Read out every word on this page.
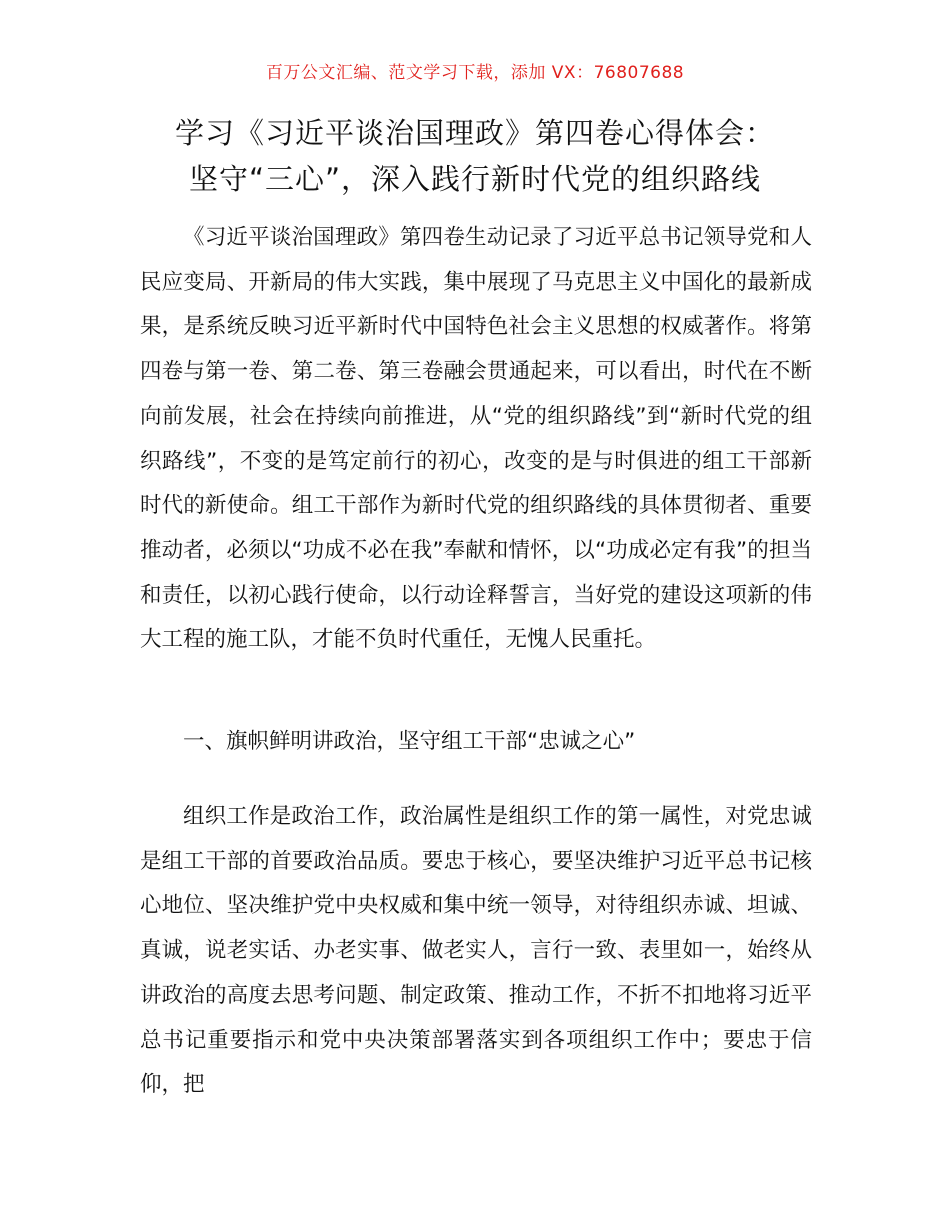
百万公文汇编、范文学习下载，添加 VX：76807688
学习《习近平谈治国理政》第四卷心得体会：
坚守“三心”，深入践行新时代党的组织路线
《习近平谈治国理政》第四卷生动记录了习近平总书记领导党和人民应变局、开新局的伟大实践，集中展现了马克思主义中国化的最新成果，是系统反映习近平新时代中国特色社会主义思想的权威著作。将第四卷与第一卷、第二卷、第三卷融会贯通起来，可以看出，时代在不断向前发展，社会在持续向前推进，从“党的组织路线”到“新时代党的组织路线”，不变的是笃定前行的初心，改变的是与时俱进的组工干部新时代的新使命。组工干部作为新时代党的组织路线的具体贯彻者、重要推动者，必须以“功成不必在我”奉献和情怀，以“功成必定有我”的担当和责任，以初心践行使命，以行动诠释誓言，当好党的建设这项新的伟大工程的施工队，才能不负时代重任，无愧人民重托。
一、旗帜鲜明讲政治，坚守组工干部“忠诚之心”
组织工作是政治工作，政治属性是组织工作的第一属性，对党忠诚是组工干部的首要政治品质。要忠于核心，要坚决维护习近平总书记核心地位、坚决维护党中央权威和集中统一领导，对待组织赤诚、坦诚、真诚，说老实话、办老实事、做老实人，言行一致、表里如一，始终从讲政治的高度去思考问题、制定政策、推动工作，不折不扣地将习近平总书记重要指示和党中央决策部署落实到各项组织工作中；要忠于信仰，把
